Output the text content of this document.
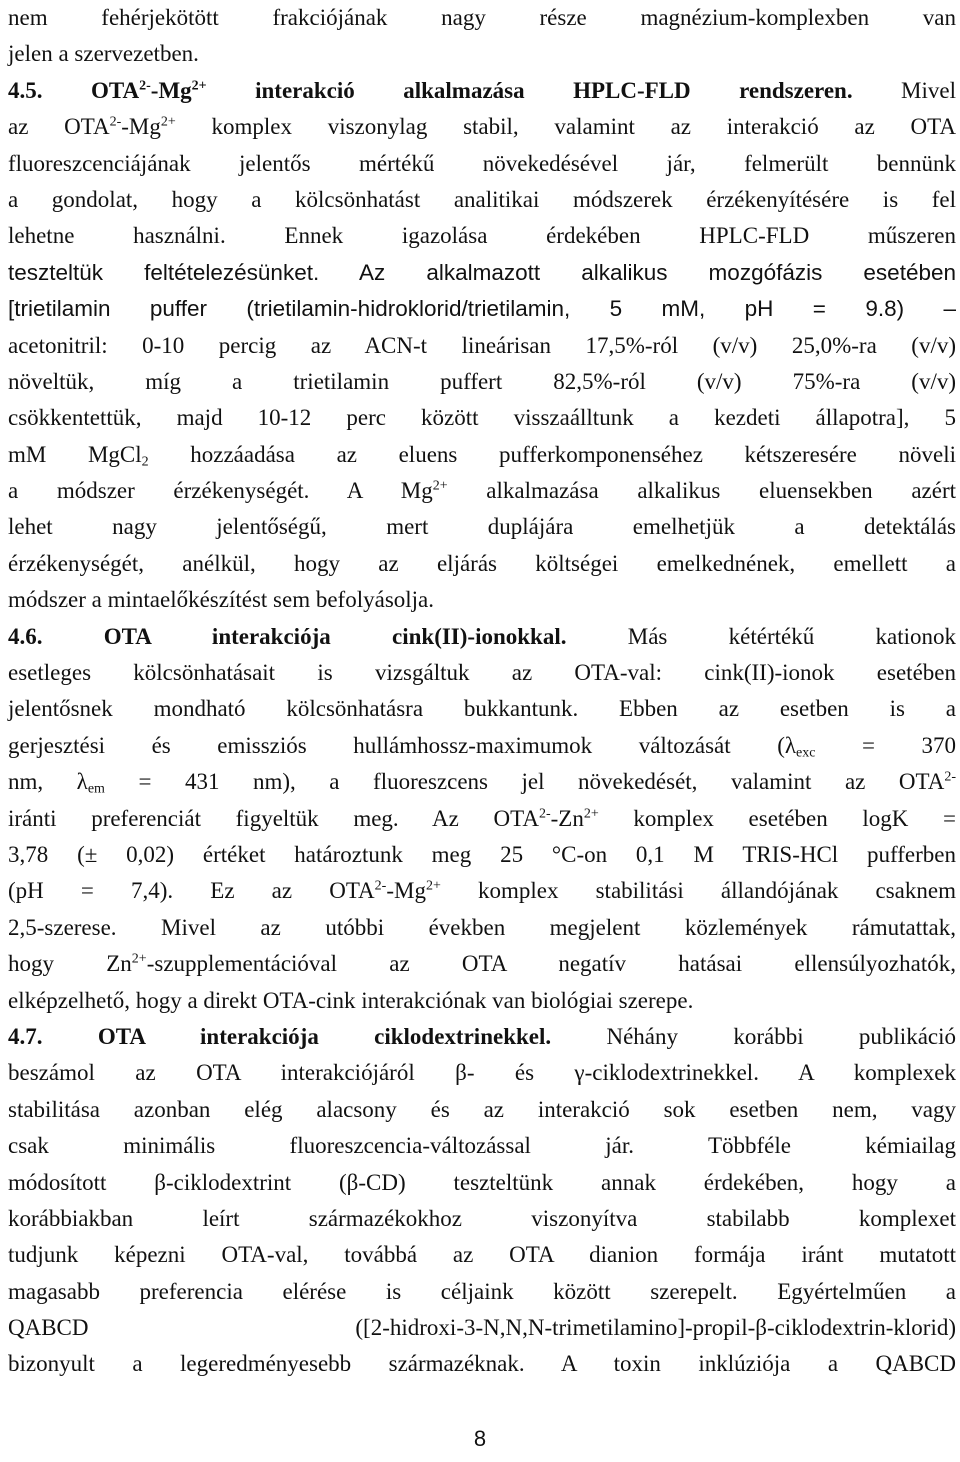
nem fehérjekötött frakciójának nagy része magnézium-komplexben van
jelen a szervezetben.
4.5. $OTA^{2-}-Mg^{2+}$ interakció alkalmazása HPLC-FLD rendszeren. Mivel
az $OTA^{2-}-Mg^{2+}$ komplex viszonylag stabil, valamint az interakció az OTA
fluoreszcenciájának jelentős mértékű növekedésével jár, felmerült bennünk
a gondolat, hogy a kölcsönhatást analitikai módszerek érzékenyítésére is fel
lehetne használni. Ennek igazolása érdekében HPLC-FLD műszeren
teszteltük feltételezésünket. Az alkalmazott alkalikus mozgófázis esetében
[trietilamin puffer (trietilamin-hidroklorid/trietilamin, 5 mM, pH = 9.8) –
acetonitril: 0-10 percig az ACN-t lineárisan 17,5%-ról (v/v) 25,0%-ra (v/v)
növeltük, míg a trietilamin puffert 82,5%-ról (v/v) 75%-ra (v/v)
csökkentettük, majd 10-12 perc között visszaálltunk a kezdeti állapotra], 5
mM MgCl$_2$ hozzáadása az eluens pufferkomponenséhez kétszeresére növeli
a módszer érzékenységét. A $Mg^{2+}$ alkalmazása alkalikus eluensekben azért
lehet nagy jelentőségű, mert duplájára emelhetjük a detektálás
érzékenységét, anélkül, hogy az eljárás költségei emelkednének, emellett a
módszer a mintaelőkészítést sem befolyásolja.
4.6. OTA interakciója cink(II)-ionokkal. Más kétértékű kationok
esetleges kölcsönhatásait is vizsgáltuk az OTA-val: cink(II)-ionok esetében
jelentősnek mondható kölcsönhatásra bukkantunk. Ebben az esetben is a
gerjesztési és emissziós hullámhossz-maximumok változását ($\lambda_{exc} = 370$
nm, $\lambda_{em} = 431$ nm), a fluoreszcens jel növekedését, valamint az $OTA^{2-}$
iránti preferenciát figyeltük meg. Az $OTA^{2-}-Zn^{2+}$ komplex esetében logK =
3,78 (± 0,02) értéket határoztunk meg 25 °C-on 0,1 M TRIS-HCl pufferben
(pH = 7,4). Ez az $OTA^{2-}-Mg^{2+}$ komplex stabilitási állandójának csaknem
2,5-szerese. Mivel az utóbbi években megjelent közlemények rámutattak,
hogy $Zn^{2+}$-szupplementációval az OTA negatív hatásai ellensúlyozhatók,
elképzelhető, hogy a direkt OTA-cink interakciónak van biológiai szerepe.
4.7. OTA interakciója ciklodextrinekkel. Néhány korábbi publikáció
beszámol az OTA interakciójáról β- és γ-ciklodextrinekkel. A komplexek
stabilitása azonban elég alacsony és az interakció sok esetben nem, vagy
csak minimális fluoreszcencia-változással jár. Többféle kémiailag
módosított β-ciklodextrint (β-CD) teszteltünk annak érdekében, hogy a
korábbiakban leírt származékokhoz viszonyítva stabilabb komplexet
tudjunk képezni OTA-val, továbbá az OTA dianion formája iránt mutatott
magasabb preferencia elérése is céljaink között szerepelt. Egyértelműen a
QABCD ([2-hidroxi-3-N,N,N-trimetilamino]-propil-β-ciklodextrin-klorid)
bizonyult a legeredményesebb származéknak. A toxin inklúziója a QABCD
8
